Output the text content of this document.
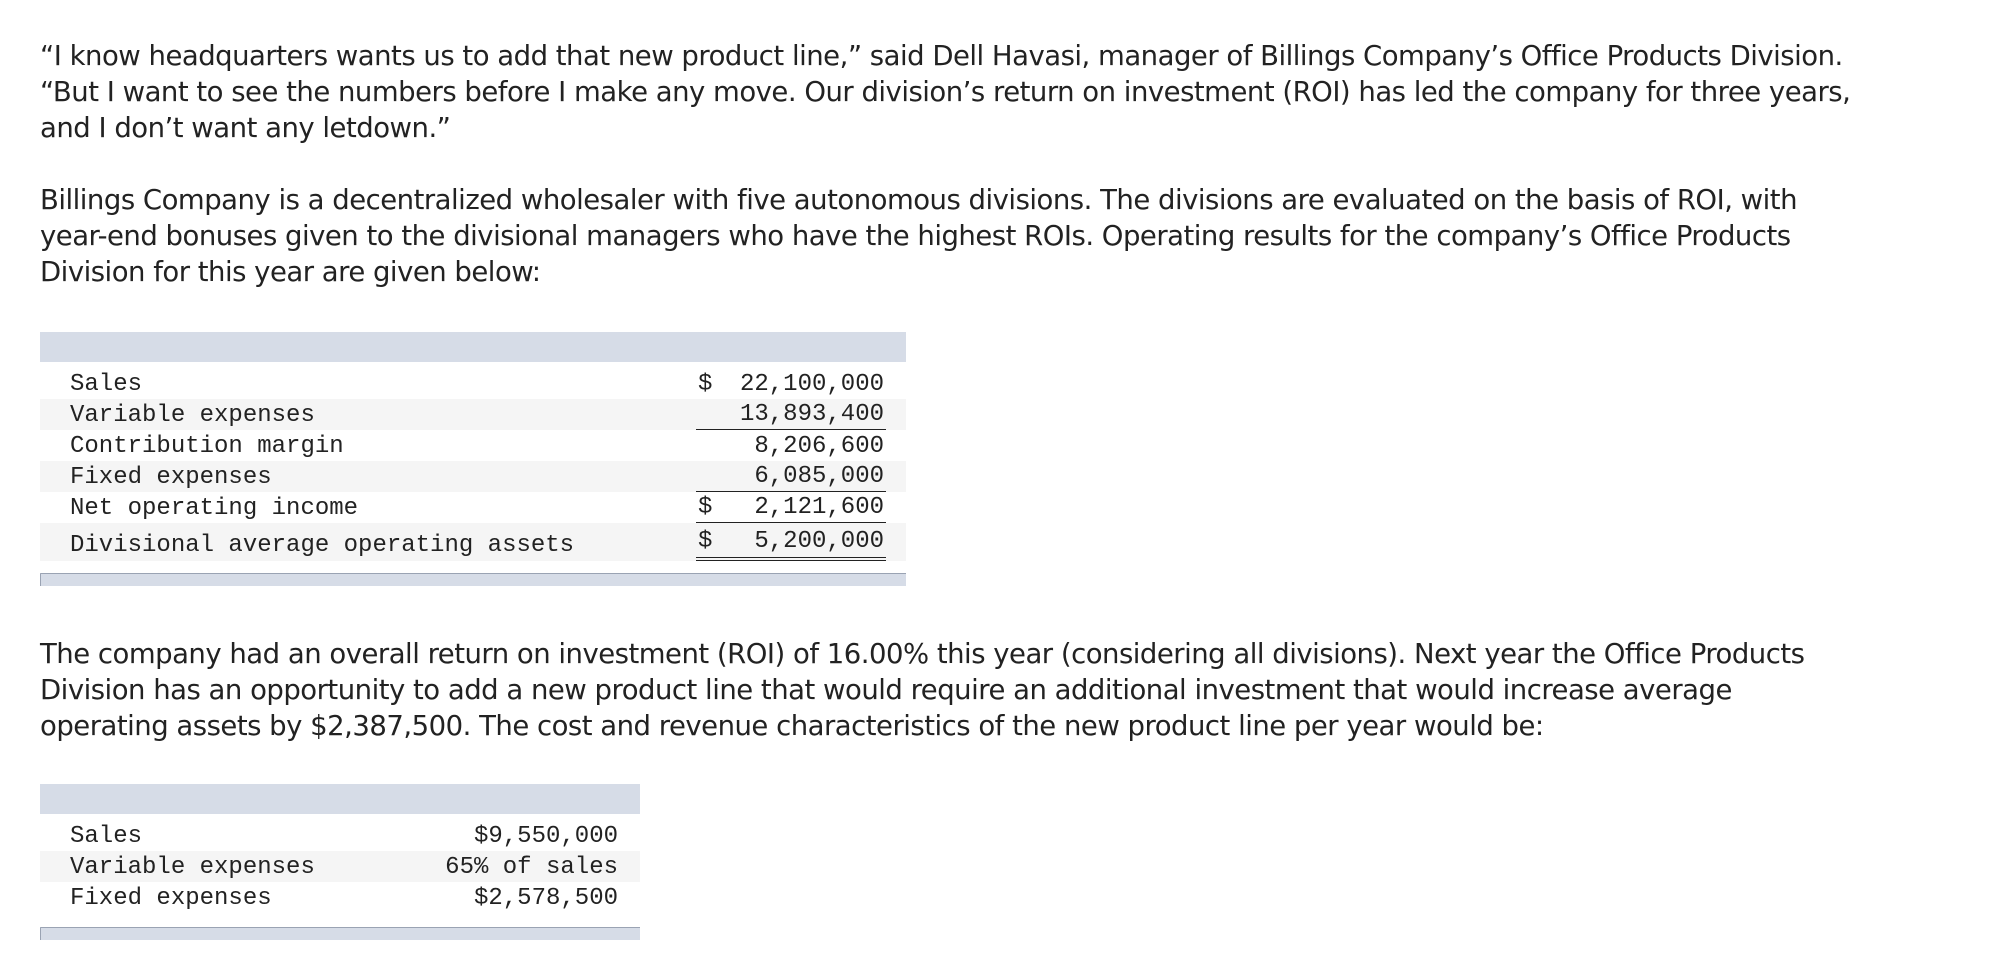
“I know headquarters wants us to add that new product line,” said Dell Havasi, manager of Billings Company’s Office Products Division.
“But I want to see the numbers before I make any move. Our division’s return on investment (ROI) has led the company for three years,
and I don’t want any letdown.”

Billings Company is a decentralized wholesaler with five autonomous divisions. The divisions are evaluated on the basis of ROI, with
year-end bonuses given to the divisional managers who have the highest ROIs. Operating results for the company’s Office Products
Division for this year are given below:

Sales	$ 22,100,000

Variable expenses	13,893,400
Contribution margin	8,206,600
Fixed expenses	6,085,000
Net operating income	$ 2,121,600

Divisional average operating assets	$ 5,200,000

The company had an overall return on investment (ROI) of 16.00% this year (considering all divisions). Next year the Office Products
Division has an opportunity to add a new product line that would require an additional investment that would increase average
operating assets by $2,387,500. The cost and revenue characteristics of the new product line per year would be:

Sales	$9,550,000
Variable expenses	65% of sales
Fixed expenses	$2,578,500
